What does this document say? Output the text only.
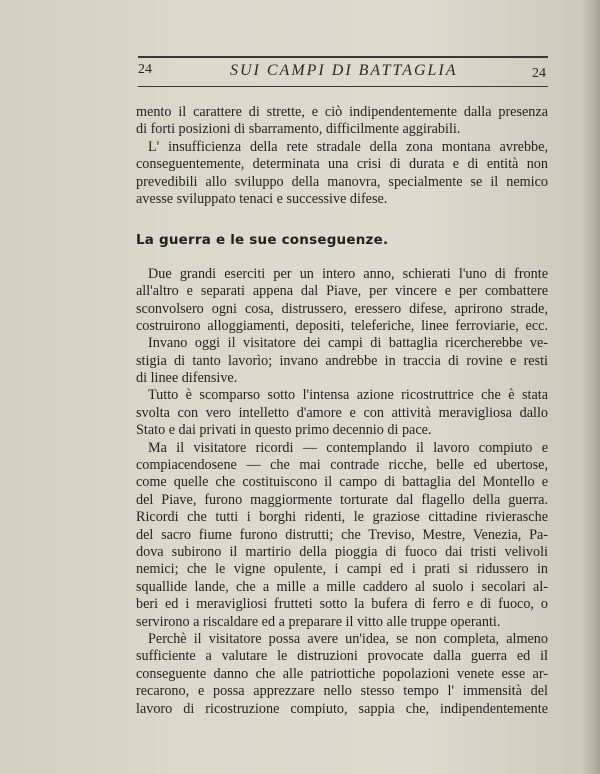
24	SUI CAMPI DI BATTAGLIA	24
mento il carattere di strette, e ciò indipendentemente dalla presenza
di forti posizioni di sbarramento, difficilmente aggirabili.
L' insufficienza della rete stradale della zona montana avrebbe,
conseguentemente, determinata una crisi di durata e di entità non
prevedibili allo sviluppo della manovra, specialmente se il nemico
avesse sviluppato tenaci e successive difese.
La guerra e le sue conseguenze.
Due grandi eserciti per un intero anno, schierati l'uno di fronte
all'altro e separati appena dal Piave, per vincere e per combattere
sconvolsero ogni cosa, distrussero, eressero difese, aprirono strade,
costruirono alloggiamenti, depositi, teleferiche, linee ferroviarie, ecc.
Invano oggi il visitatore dei campi di battaglia ricercherebbe ve-
stigia di tanto lavorìo; invano andrebbe in traccia di rovine e resti
di linee difensive.
Tutto è scomparso sotto l'intensa azione ricostruttrice che è stata
svolta con vero intelletto d'amore e con attività meravigliosa dallo
Stato e dai privati in questo primo decennio di pace.
Ma il visitatore ricordi — contemplando il lavoro compiuto e
compiacendosene — che mai contrade ricche, belle ed ubertose,
come quelle che costituiscono il campo di battaglia del Montello e
del Piave, furono maggiormente torturate dal flagello della guerra.
Ricordi che tutti i borghi ridenti, le graziose cittadine rivierasche
del sacro fiume furono distrutti; che Treviso, Mestre, Venezia, Pa-
dova subirono il martirio della pioggia di fuoco dai tristi velivoli
nemici; che le vigne opulente, i campi ed i prati si ridussero in
squallide lande, che a mille a mille caddero al suolo i secolari al-
beri ed i meravigliosi frutteti sotto la bufera di ferro e di fuoco, o
servirono a riscaldare ed a preparare il vitto alle truppe operanti.
Perchè il visitatore possa avere un'idea, se non completa, almeno
sufficiente a valutare le distruzioni provocate dalla guerra ed il
conseguente danno che alle patriottiche popolazioni venete esse ar-
recarono, e possa apprezzare nello stesso tempo l' immensità del
lavoro di ricostruzione compiuto, sappia che, indipendentemente
